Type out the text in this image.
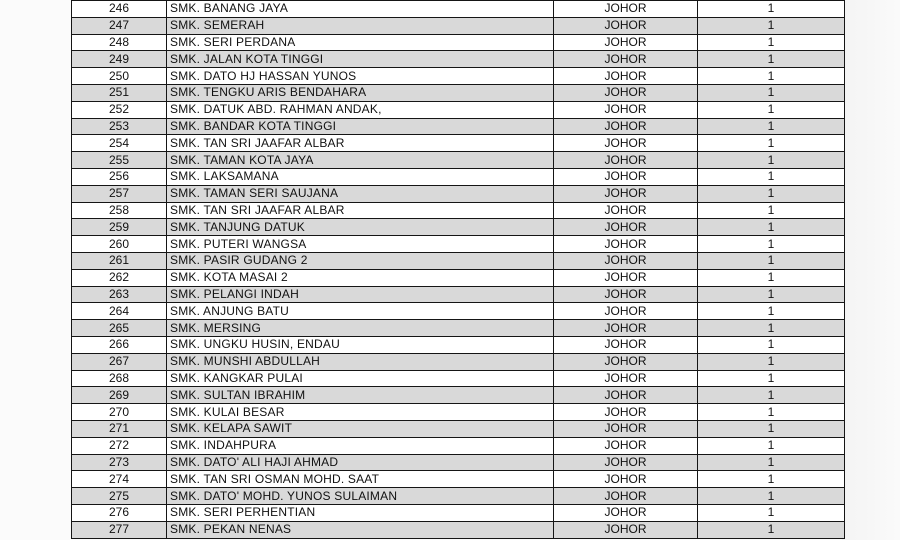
246	SMK. BANANG JAYA	JOHOR	1
247	SMK. SEMERAH	JOHOR	1
248	SMK. SERI PERDANA	JOHOR	1
249	SMK. JALAN KOTA TINGGI	JOHOR	1
250	SMK. DATO HJ HASSAN YUNOS	JOHOR	1
251	SMK. TENGKU ARIS BENDAHARA	JOHOR	1
252	SMK. DATUK ABD. RAHMAN ANDAK,	JOHOR	1
253	SMK. BANDAR KOTA TINGGI	JOHOR	1
254	SMK. TAN SRI JAAFAR ALBAR	JOHOR	1
255	SMK. TAMAN KOTA JAYA	JOHOR	1
256	SMK. LAKSAMANA	JOHOR	1
257	SMK. TAMAN SERI SAUJANA	JOHOR	1
258	SMK. TAN SRI JAAFAR ALBAR	JOHOR	1
259	SMK. TANJUNG DATUK	JOHOR	1
260	SMK. PUTERI WANGSA	JOHOR	1
261	SMK. PASIR GUDANG 2	JOHOR	1
262	SMK. KOTA MASAI 2	JOHOR	1
263	SMK. PELANGI INDAH	JOHOR	1
264	SMK. ANJUNG BATU	JOHOR	1
265	SMK. MERSING	JOHOR	1
266	SMK. UNGKU HUSIN, ENDAU	JOHOR	1
267	SMK. MUNSHI ABDULLAH	JOHOR	1
268	SMK. KANGKAR PULAI	JOHOR	1
269	SMK. SULTAN IBRAHIM	JOHOR	1
270	SMK. KULAI BESAR	JOHOR	1
271	SMK. KELAPA SAWIT	JOHOR	1
272	SMK. INDAHPURA	JOHOR	1
273	SMK. DATO' ALI HAJI AHMAD	JOHOR	1
274	SMK. TAN SRI OSMAN MOHD. SAAT	JOHOR	1
275	SMK. DATO' MOHD. YUNOS SULAIMAN	JOHOR	1
276	SMK. SERI PERHENTIAN	JOHOR	1
277	SMK. PEKAN NENAS	JOHOR	1
